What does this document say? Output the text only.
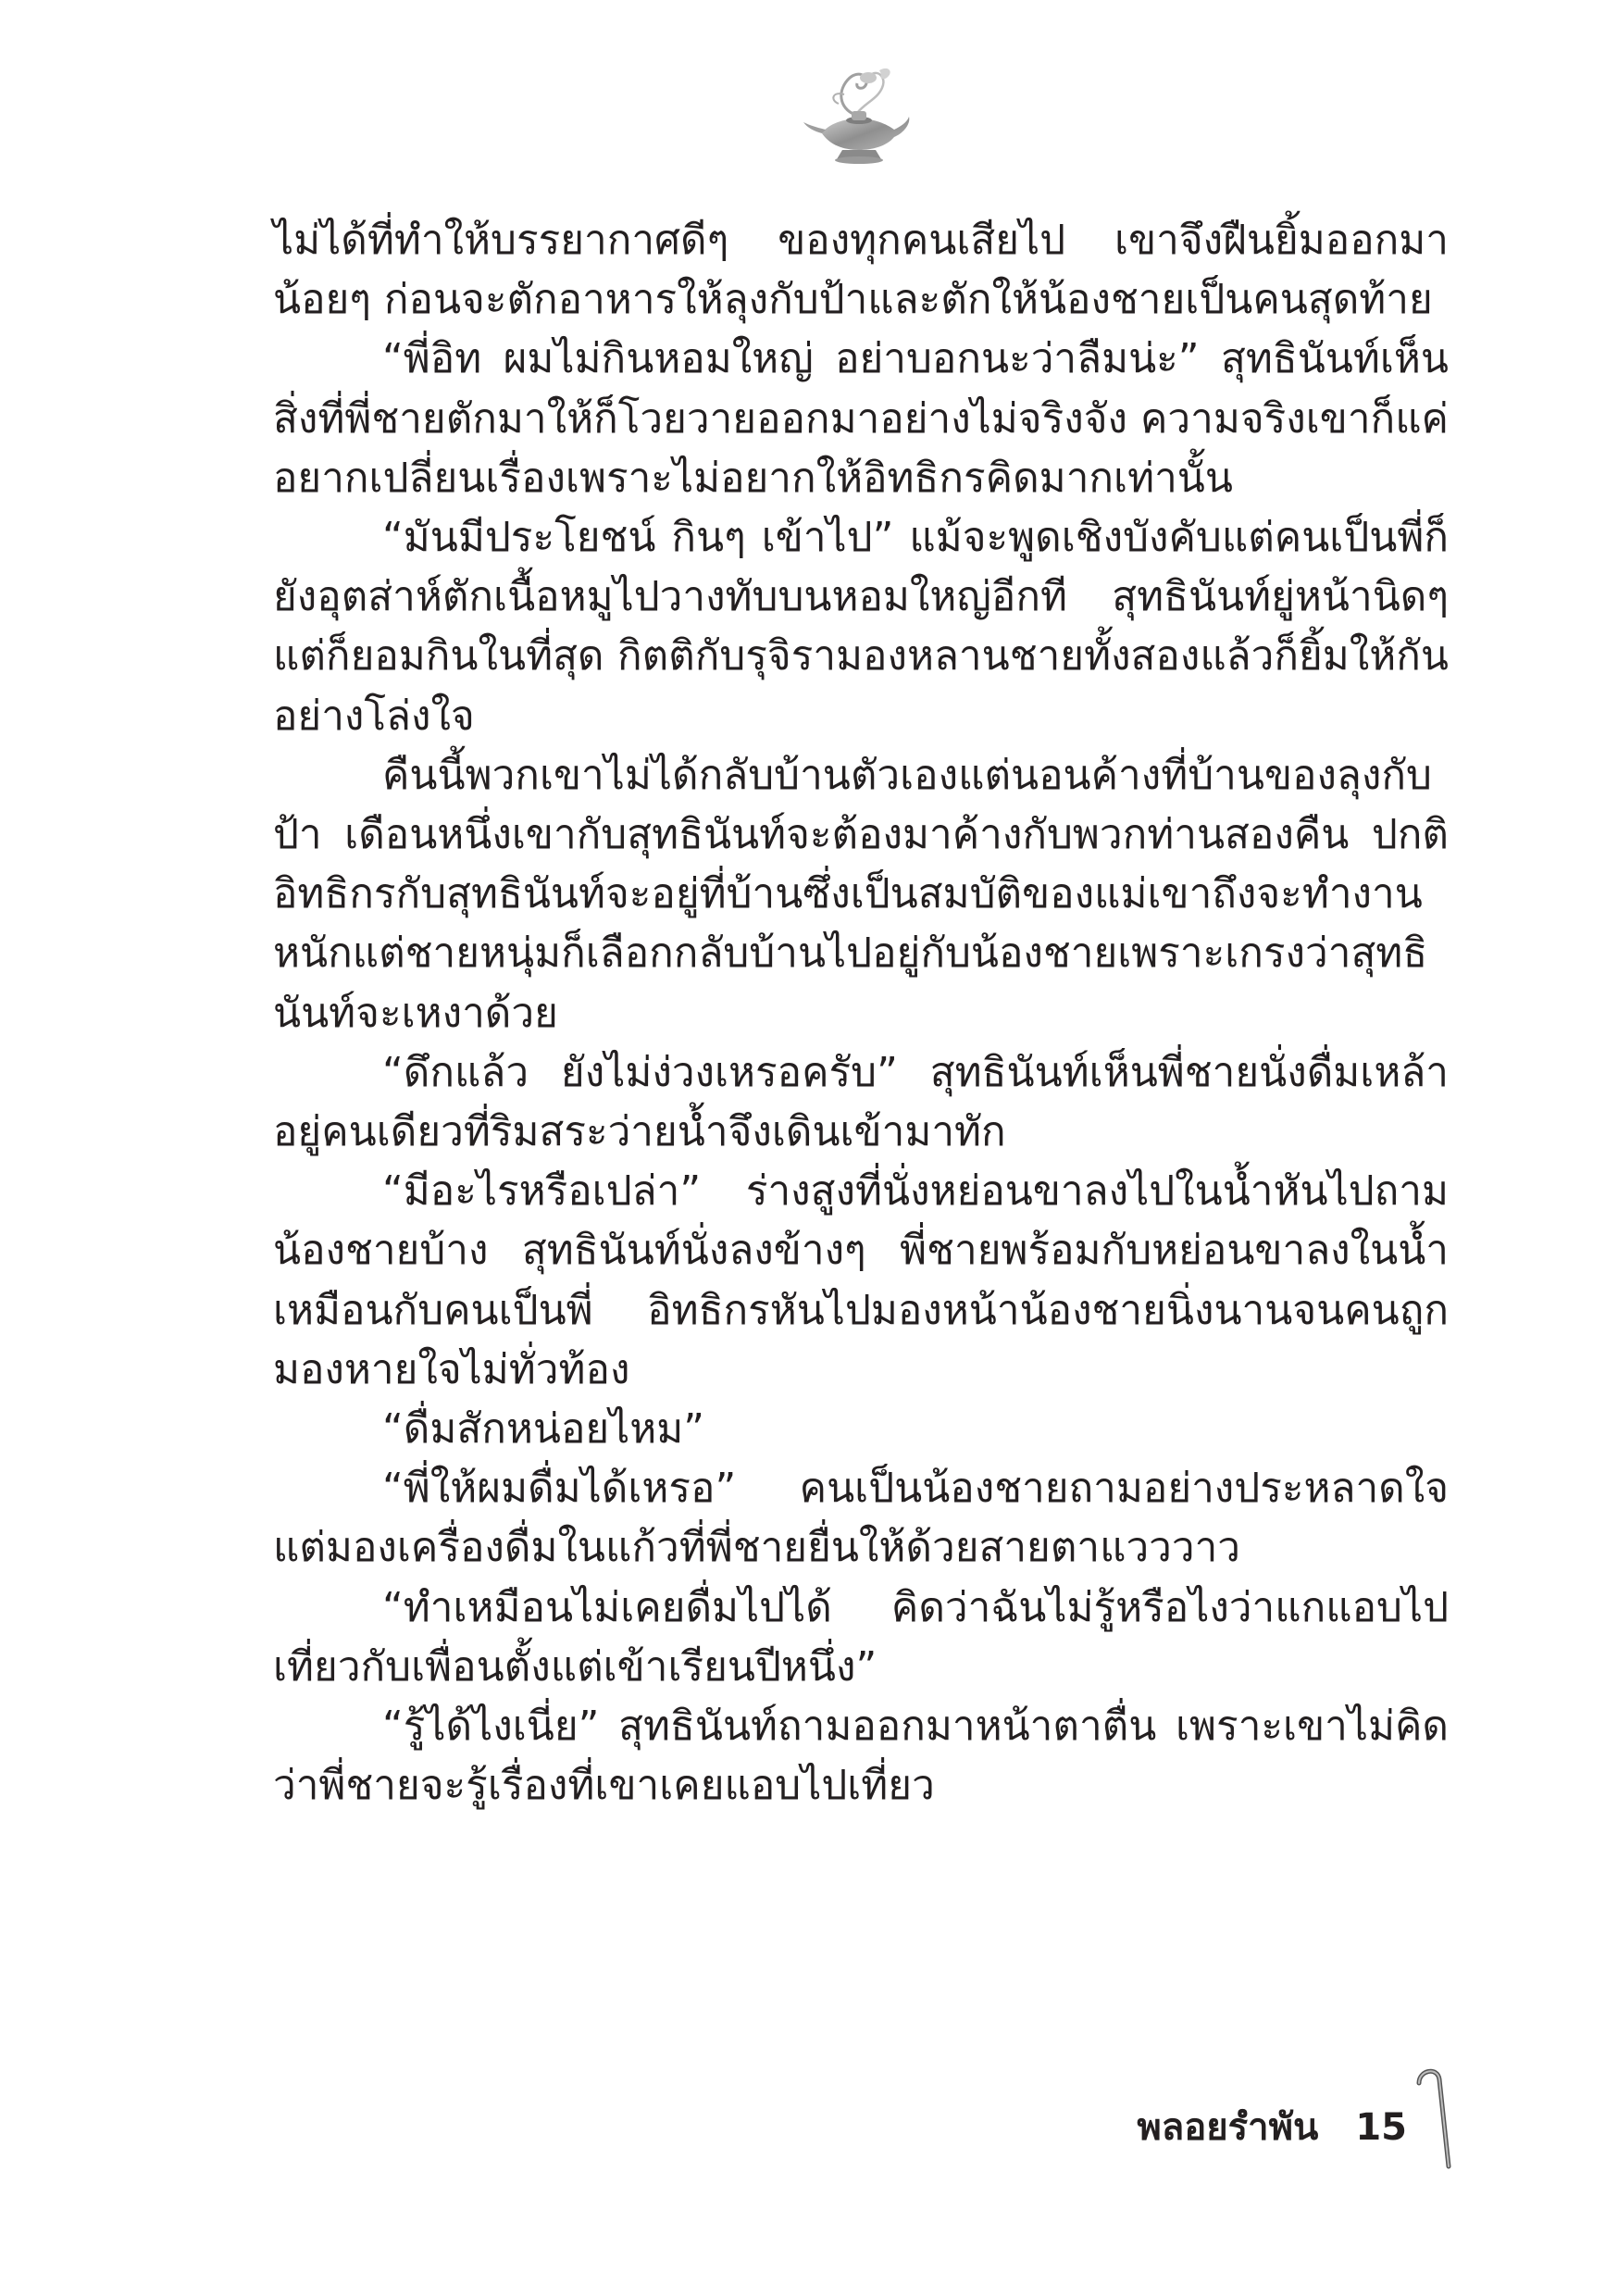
ไม่ได้ที่ทำให้บรรยากาศดีๆ ของทุกคนเสียไป เขาจึงฝืนยิ้มออกมาน้อยๆ ก่อนจะตักอาหารให้ลุงกับป้าและตักให้น้องชายเป็นคนสุดท้าย

“พี่อิท ผมไม่กินหอมใหญ่ อย่าบอกนะว่าลืมน่ะ” สุทธินันท์เห็นสิ่งที่พี่ชายตักมาให้ก็โวยวายออกมาอย่างไม่จริงจัง ความจริงเขาก็แค่อยากเปลี่ยนเรื่องเพราะไม่อยากให้อิทธิกรคิดมากเท่านั้น

“มันมีประโยชน์ กินๆ เข้าไป” แม้จะพูดเชิงบังคับแต่คนเป็นพี่ก็ยังอุตส่าห์ตักเนื้อหมูไปวางทับบนหอมใหญ่อีกที สุทธินันท์ยู่หน้านิดๆ แต่ก็ยอมกินในที่สุด กิตติกับรุจิรามองหลานชายทั้งสองแล้วก็ยิ้มให้กันอย่างโล่งใจ

คืนนี้พวกเขาไม่ได้กลับบ้านตัวเองแต่นอนค้างที่บ้านของลุงกับป้า เดือนหนึ่งเขากับสุทธินันท์จะต้องมาค้างกับพวกท่านสองคืน ปกติอิทธิกรกับสุทธินันท์จะอยู่ที่บ้านซึ่งเป็นสมบัติของแม่เขาถึงจะทำงานหนักแต่ชายหนุ่มก็เลือกกลับบ้านไปอยู่กับน้องชายเพราะเกรงว่าสุทธินันท์จะเหงาด้วย

“ดึกแล้ว ยังไม่ง่วงเหรอครับ” สุทธินันท์เห็นพี่ชายนั่งดื่มเหล้าอยู่คนเดียวที่ริมสระว่ายน้ำจึงเดินเข้ามาทัก

“มีอะไรหรือเปล่า” ร่างสูงที่นั่งหย่อนขาลงไปในน้ำหันไปถามน้องชายบ้าง สุทธินันท์นั่งลงข้างๆ พี่ชายพร้อมกับหย่อนขาลงในน้ำเหมือนกับคนเป็นพี่ อิทธิกรหันไปมองหน้าน้องชายนิ่งนานจนคนถูกมองหายใจไม่ทั่วท้อง

“ดื่มสักหน่อยไหม”

“พี่ให้ผมดื่มได้เหรอ” คนเป็นน้องชายถามอย่างประหลาดใจแต่มองเครื่องดื่มในแก้วที่พี่ชายยื่นให้ด้วยสายตาแวววาว

“ทำเหมือนไม่เคยดื่มไปได้ คิดว่าฉันไม่รู้หรือไงว่าแกแอบไปเที่ยวกับเพื่อนตั้งแต่เข้าเรียนปีหนึ่ง”

“รู้ได้ไงเนี่ย” สุทธินันท์ถามออกมาหน้าตาตื่น เพราะเขาไม่คิดว่าพี่ชายจะรู้เรื่องที่เขาเคยแอบไปเที่ยว

พลอยรำพัน 15
